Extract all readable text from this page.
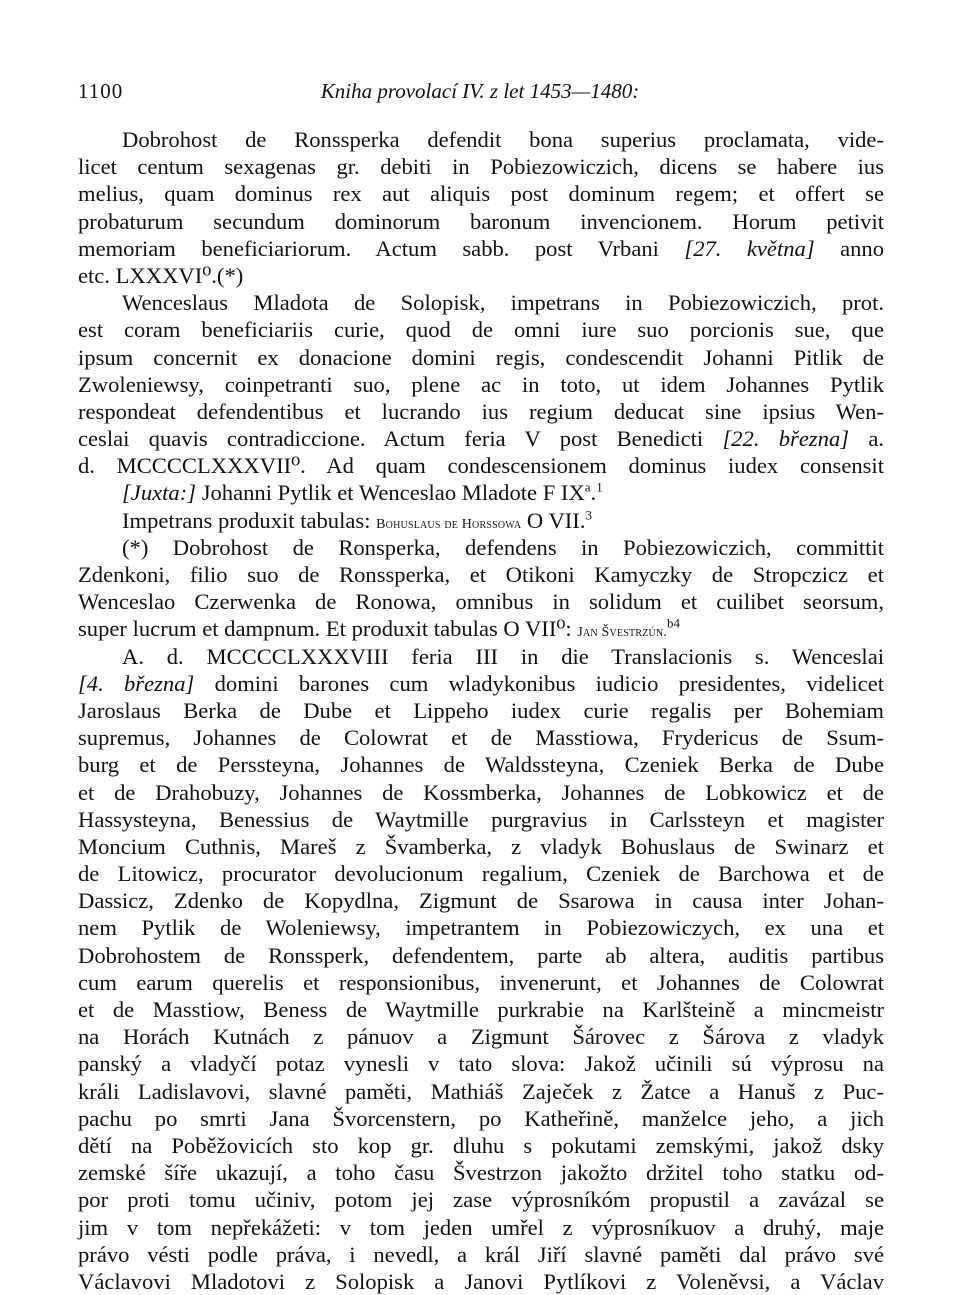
1100	Kniha provolací IV. z let 1453—1480:
Dobrohost de Ronssperka defendit bona superius proclamata, vide-
licet centum sexagenas gr. debiti in Pobiezowiczich, dicens se habere ius
melius, quam dominus rex aut aliquis post dominum regem; et offert se
probaturum secundum dominorum baronum invencionem. Horum petivit
memoriam beneficiariorum. Actum sabb. post Vrbani [27. května] anno
etc. LXXXVI⁰.(*)
Wenceslaus Mladota de Solopisk, impetrans in Pobiezowiczich, prot.
est coram beneficiariis curie, quod de omni iure suo porcionis sue, que
ipsum concernit ex donacione domini regis, condescendit Johanni Pitlik de
Zwoleniewsy, coinpetranti suo, plene ac in toto, ut idem Johannes Pytlik
respondeat defendentibus et lucrando ius regium deducat sine ipsius Wen-
ceslai quavis contradiccione. Actum feria V post Benedicti [22. března] a.
d. MCCCCLXXXVII⁰. Ad quam condescensionem dominus iudex consensit
[Juxta:] Johanni Pytlik et Wenceslao Mladote F $IX^a.^1$
Impetrans produxit tabulas: Bohuslaus de Horssowa O VII.$^3$
(*) Dobrohost de Ronsperka, defendens in Pobiezowiczich, committit
Zdenkoni, filio suo de Ronssperka, et Otikoni Kamyczky de Stropczicz et
Wenceslao Czerwenka de Ronowa, omnibus in solidum et cuilibet seorsum,
super lucrum et dampnum. Et produxit tabulas O VII⁰: Jan Švestrzún.$^{b4}$
A. d. MCCCCLXXXVIII feria III in die Translacionis s. Wenceslai
[4. března] domini barones cum wladykonibus iudicio presidentes, videlicet
Jaroslaus Berka de Dube et Lippeho iudex curie regalis per Bohemiam
supremus, Johannes de Colowrat et de Masstiowa, Frydericus de Ssum-
burg et de Perssteyna, Johannes de Waldssteyna, Czeniek Berka de Dube
et de Drahobuzy, Johannes de Kossmberka, Johannes de Lobkowicz et de
Hassysteyna, Benessius de Waytmille purgravius in Carlssteyn et magister
Moncium Cuthnis, Mareš z Švamberka, z vladyk Bohuslaus de Swinarz et
de Litowicz, procurator devolucionum regalium, Czeniek de Barchowa et de
Dassicz, Zdenko de Kopydlna, Zigmunt de Ssarowa in causa inter Johan-
nem Pytlik de Woleniewsy, impetrantem in Pobiezowiczych, ex una et
Dobrohostem de Ronssperk, defendentem, parte ab altera, auditis partibus
cum earum querelis et responsionibus, invenerunt, et Johannes de Colowrat
et de Masstiow, Beness de Waytmille purkrabie na Karlšteině a mincmeistr
na Horách Kutnách z pánuov a Zigmunt Šárovec z Šárova z vladyk
panský a vladyčí potaz vynesli v tato slova: Jakož učinili sú výprosu na
králi Ladislavovi, slavné paměti, Mathiáš Zaječek z Žatce a Hanuš z Puc-
pachu po smrti Jana Švorcenstern, po Katheřině, manželce jeho, a jich
dětí na Poběžovicích sto kop gr. dluhu s pokutami zemskými, jakož dsky
zemské šíře ukazují, a toho času Švestrzon jakožto držitel toho statku od-
por proti tomu učiniv, potom jej zase výprosníkóm propustil a zavázal se
jim v tom nepřekážeti: v tom jeden umřel z výprosníkuov a druhý, maje
právo vésti podle práva, i nevedl, a král Jiří slavné paměti dal právo své
Václavovi Mladotovi z Solopisk a Janovi Pytlíkovi z Voleněvsi, a Václav
